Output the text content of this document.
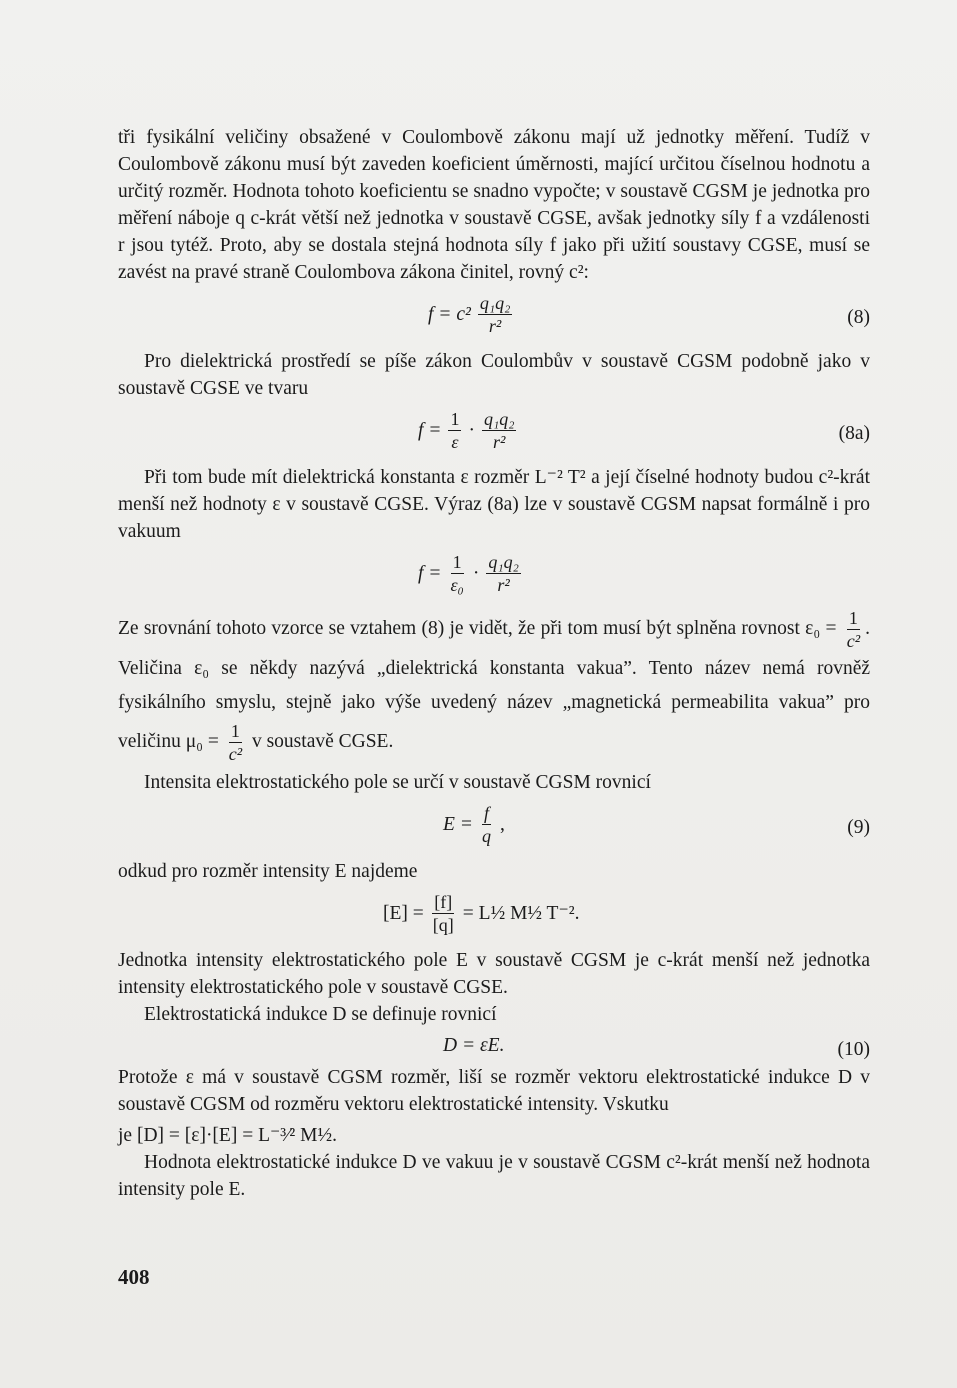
tři fysikální veličiny obsažené v Coulombově zákonu mají už jednotky měření. Tudíž v Coulombově zákonu musí být zaveden koeficient úměrnosti, mající určitou číselnou hodnotu a určitý rozměr. Hodnota tohoto koeficientu se snadno vypočte; v soustavě CGSM je jednotka pro měření náboje q c-krát větší než jednotka v soustavě CGSE, avšak jednotky síly f a vzdálenosti r jsou tytéž. Proto, aby se dostala stejná hodnota síly f jako při užití soustavy CGSE, musí se zavést na pravé straně Coulombova zákona činitel, rovný c²:

$f = c^2 \frac{\text{q₁q₂}}{\text{r²}}$	(8)

Pro dielektrická prostředí se píše zákon Coulombův v soustavě CGSM podobně jako v soustavě CGSE ve tvaru

$f = \frac{1}{\varepsilon} \cdot \frac{\text{q₁q₂}}{\text{r²}}$	(8a)

Při tom bude mít dielektrická konstanta ε rozměr L⁻² T² a její číselné hodnoty budou c²-krát menší než hodnoty ε v soustavě CGSE. Výraz (8a) lze v soustavě CGSM napsat formálně i pro vakuum

$f = \frac{1}{\text{ε₀}} \cdot \frac{\text{q₁q₂}}{\text{r²}}$

Ze srovnání tohoto vzorce se vztahem (8) je vidět, že při tom musí být splněna rovnost $\varepsilon_0 = \frac{1}{\text{c²}}$ . Veličina ε₀ se někdy nazývá „dielektrická konstanta vakua”. Tento název nemá rovněž fysikálního smyslu, stejně jako výše uvedený název „magnetická permeabilita vakua” pro veličinu $\mu_0 = \frac{1}{\text{c²}}$ v soustavě CGSE.

Intensita elektrostatického pole se určí v soustavě CGSM rovnicí

$E = \frac{f}{q}$ ,	(9)

odkud pro rozměr intensity E najdeme

$[E] = \frac{[f]}{[q]}$ = L½ M½ T⁻².

Jednotka intensity elektrostatického pole E v soustavě CGSM je c-krát menší než jednotka intensity elektrostatického pole v soustavě CGSE.

Elektrostatická indukce D se definuje rovnicí

D = εE.	(10)

Protože ε má v soustavě CGSM rozměr, liší se rozměr vektoru elektrostatické indukce D v soustavě CGSM od rozměru vektoru elektrostatické intensity. Vskutku

je [D] = [ε]·[E] = L⁻³⁄² M½.

Hodnota elektrostatické indukce D ve vakuu je v soustavě CGSM c²-krát menší než hodnota intensity pole E.

408
